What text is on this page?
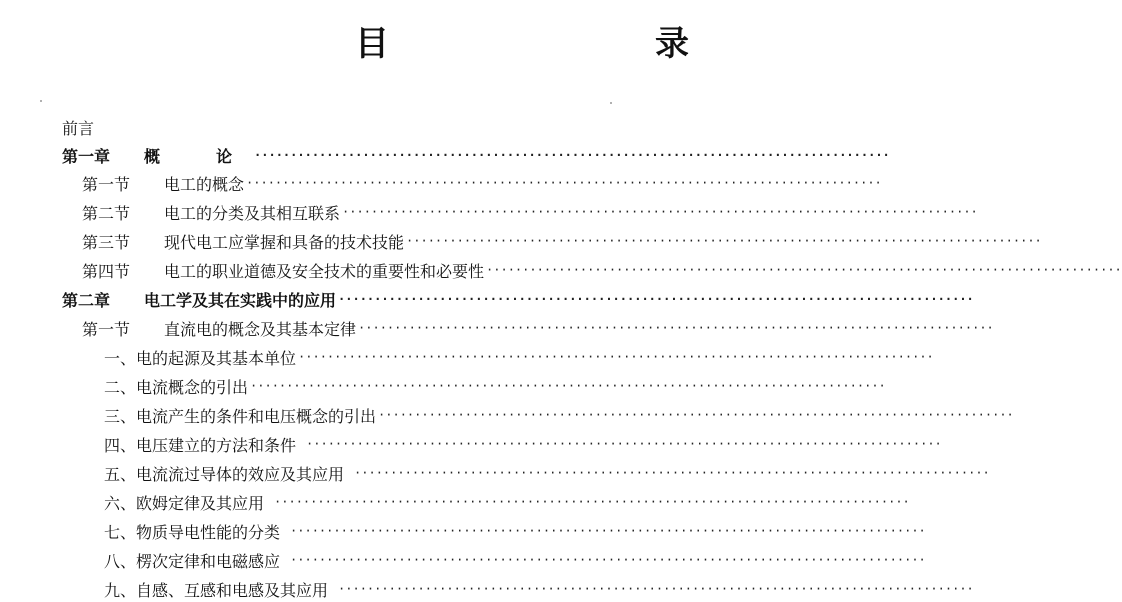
目　　录
前言
第一章 概　论 ························································································
第一节 电工的概念 ························································································
第二节 电工的分类及其相互联系 ························································································
第三节 现代电工应掌握和具备的技术技能 ························································································
第四节 电工的职业道德及安全技术的重要性和必要性 ························································································
第二章 电工学及其在实践中的应用 ························································································
第一节 直流电的概念及其基本定律 ························································································
一、电的起源及其基本单位 ························································································
二、电流概念的引出 ························································································
三、电流产生的条件和电压概念的引出 ························································································
四、电压建立的方法和条件 ························································································
五、电流流过导体的效应及其应用 ························································································
六、欧姆定律及其应用 ························································································
七、物质导电性能的分类 ························································································
八、楞次定律和电磁感应 ························································································
九、自感、互感和电感及其应用 ························································································
